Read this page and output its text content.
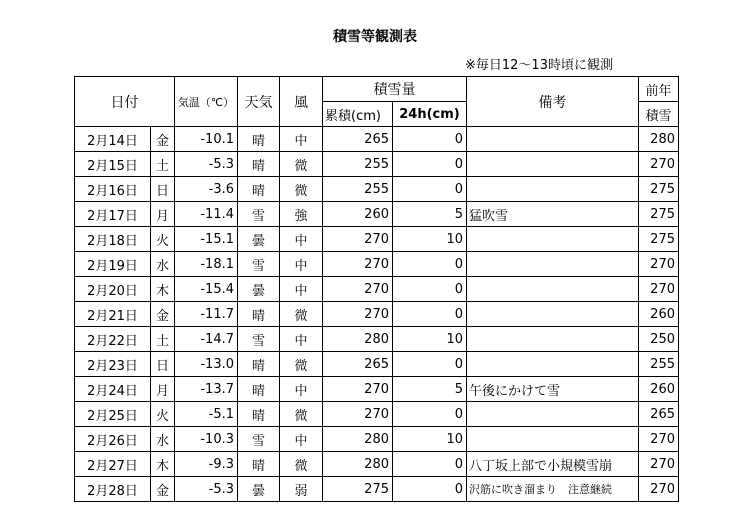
積雪等観測表
※毎日12～13時頃に観測
日付		気温（℃）	天気	風	積雪量		備考	前年
					累積(cm)	24h(cm)		積雪
2月14日	金	-10.1	晴	中	265	0		280
2月15日	土	-5.3	晴	微	255	0		270
2月16日	日	-3.6	晴	微	255	0		275
2月17日	月	-11.4	雪	強	260	5	猛吹雪	275
2月18日	火	-15.1	曇	中	270	10		275
2月19日	水	-18.1	雪	中	270	0		270
2月20日	木	-15.4	曇	中	270	0		270
2月21日	金	-11.7	晴	微	270	0		260
2月22日	土	-14.7	雪	中	280	10		250
2月23日	日	-13.0	晴	微	265	0		255
2月24日	月	-13.7	晴	中	270	5	午後にかけて雪	260
2月25日	火	-5.1	晴	微	270	0		265
2月26日	水	-10.3	雪	中	280	10		270
2月27日	木	-9.3	晴	微	280	0	八丁坂上部で小規模雪崩	270
2月28日	金	-5.3	曇	弱	275	0	沢筋に吹き溜まり　注意継続	270
